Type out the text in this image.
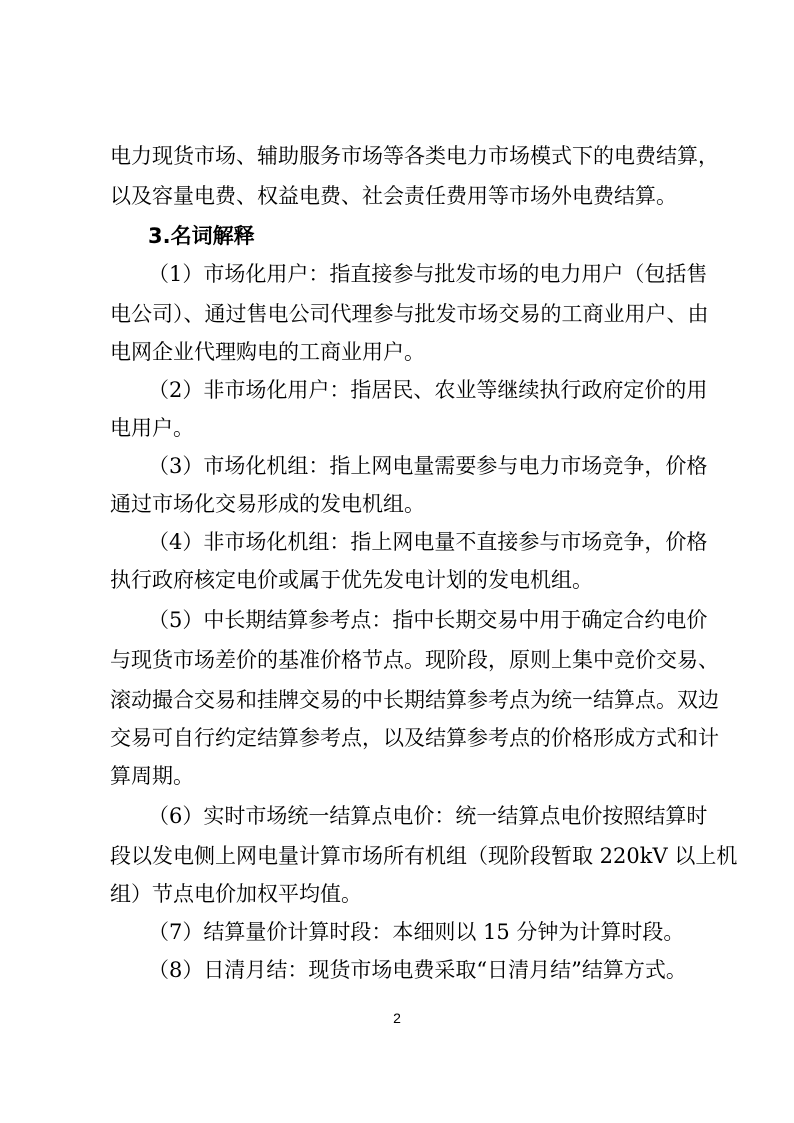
电力现货市场、辅助服务市场等各类电力市场模式下的电费结算，
以及容量电费、权益电费、社会责任费用等市场外电费结算。
3.名词解释
（1）市场化用户：指直接参与批发市场的电力用户（包括售
电公司）、通过售电公司代理参与批发市场交易的工商业用户、由
电网企业代理购电的工商业用户。
（2）非市场化用户：指居民、农业等继续执行政府定价的用
电用户。
（3）市场化机组：指上网电量需要参与电力市场竞争，价格
通过市场化交易形成的发电机组。
（4）非市场化机组：指上网电量不直接参与市场竞争，价格
执行政府核定电价或属于优先发电计划的发电机组。
（5）中长期结算参考点：指中长期交易中用于确定合约电价
与现货市场差价的基准价格节点。现阶段，原则上集中竞价交易、
滚动撮合交易和挂牌交易的中长期结算参考点为统一结算点。双边
交易可自行约定结算参考点，以及结算参考点的价格形成方式和计
算周期。
（6）实时市场统一结算点电价：统一结算点电价按照结算时
段以发电侧上网电量计算市场所有机组（现阶段暂取 220kV 以上机
组）节点电价加权平均值。
（7）结算量价计算时段：本细则以 15 分钟为计算时段。
（8）日清月结：现货市场电费采取“日清月结”结算方式。
2
